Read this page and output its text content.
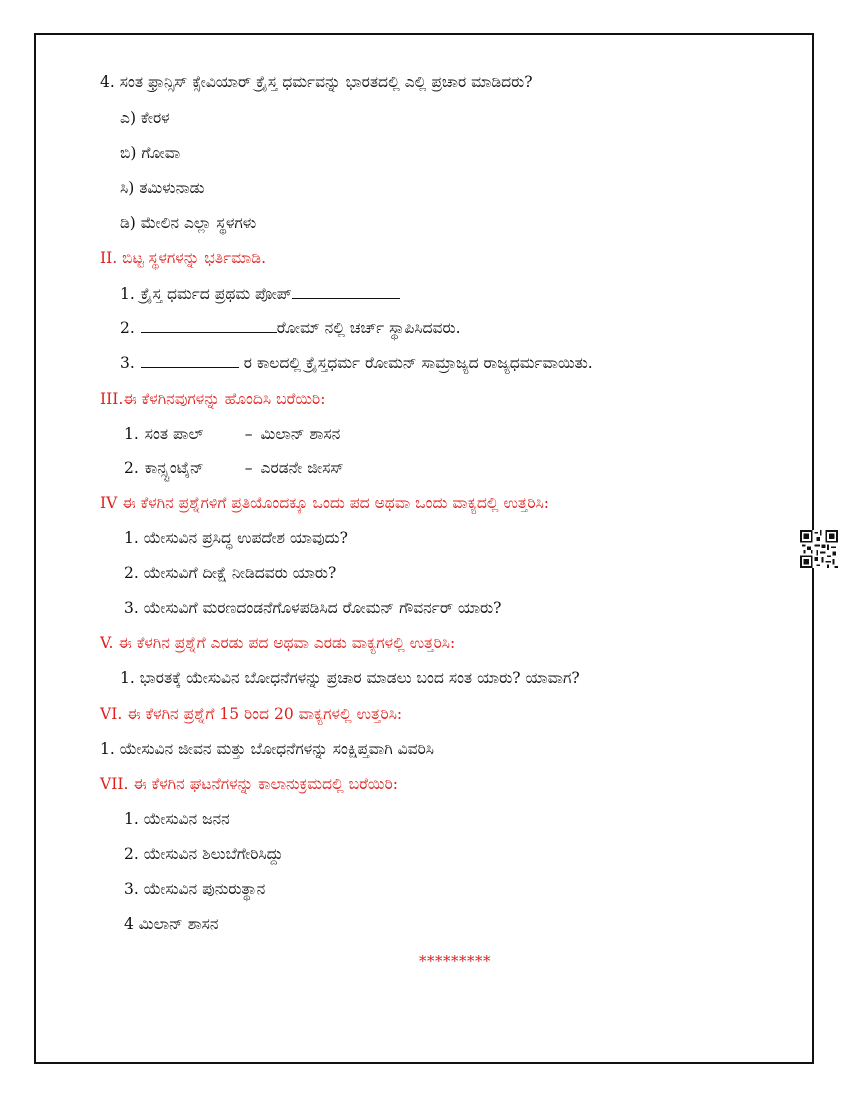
4. ಸಂತ ಫ್ರಾನ್ಸಿಸ್ ಕ್ಸೇವಿಯಾರ್ ಕ್ರೈಸ್ತ ಧರ್ಮವನ್ನು ಭಾರತದಲ್ಲಿ ಎಲ್ಲಿ ಪ್ರಚಾರ ಮಾಡಿದರು?
ಎ) ಕೇರಳ
ಬಿ) ಗೋವಾ
ಸಿ) ತಮಿಳುನಾಡು
ಡಿ) ಮೇಲಿನ ಎಲ್ಲಾ ಸ್ಥಳಗಳು
II. ಬಿಟ್ಟ ಸ್ಥಳಗಳನ್ನು ಭರ್ತಿಮಾಡಿ.
1. ಕ್ರೈಸ್ತ ಧರ್ಮದ ಪ್ರಥಮ ಪೋಪ್
2.	ರೋಮ್ ನಲ್ಲಿ ಚರ್ಚ್ ಸ್ಥಾಪಿಸಿದವರು.
3.	ರ ಕಾಲದಲ್ಲಿ ಕ್ರೈಸ್ತಧರ್ಮ ರೋಮನ್ ಸಾಮ್ರಾಜ್ಯದ ರಾಜ್ಯಧರ್ಮವಾಯಿತು.
III.ಈ ಕೆಳಗಿನವುಗಳನ್ನು ಹೊಂದಿಸಿ ಬರೆಯಿರಿ:
1. ಸಂತ ಪಾಲ್	– ಮಿಲಾನ್ ಶಾಸನ
2. ಕಾನ್ಸ್ಟಂಟೈನ್	– ಎರಡನೇ ಜೀಸಸ್
IV ಈ ಕೆಳಗಿನ ಪ್ರಶ್ನೆಗಳಿಗೆ ಪ್ರತಿಯೊಂದಕ್ಕೂ ಒಂದು ಪದ ಅಥವಾ ಒಂದು ವಾಕ್ಯದಲ್ಲಿ ಉತ್ತರಿಸಿ:
1. ಯೇಸುವಿನ ಪ್ರಸಿದ್ಧ ಉಪದೇಶ ಯಾವುದು?
2. ಯೇಸುವಿಗೆ ದೀಕ್ಷೆ ನೀಡಿದವರು ಯಾರು?
3. ಯೇಸುವಿಗೆ ಮರಣದಂಡನೆಗೊಳಪಡಿಸಿದ ರೋಮನ್ ಗೌವರ್ನರ್ ಯಾರು?
V. ಈ ಕೆಳಗಿನ ಪ್ರಶ್ನೆಗೆ ಎರಡು ಪದ ಅಥವಾ ಎರಡು ವಾಕ್ಯಗಳಲ್ಲಿ ಉತ್ತರಿಸಿ:
1. ಭಾರತಕ್ಕೆ ಯೇಸುವಿನ ಬೋಧನೆಗಳನ್ನು ಪ್ರಚಾರ ಮಾಡಲು ಬಂದ ಸಂತ ಯಾರು? ಯಾವಾಗ?
VI. ಈ ಕೆಳಗಿನ ಪ್ರಶ್ನೆಗೆ 15 ರಿಂದ 20 ವಾಕ್ಯಗಳಲ್ಲಿ ಉತ್ತರಿಸಿ:
1. ಯೇಸುವಿನ ಜೀವನ ಮತ್ತು ಬೋಧನೆಗಳನ್ನು ಸಂಕ್ಷಿಪ್ತವಾಗಿ ವಿವರಿಸಿ
VII. ಈ ಕೆಳಗಿನ ಘಟನೆಗಳನ್ನು ಕಾಲಾನುಕ್ರಮದಲ್ಲಿ ಬರೆಯಿರಿ:
1. ಯೇಸುವಿನ ಜನನ
2. ಯೇಸುವಿನ ಶಿಲುಬೆಗೇರಿಸಿದ್ದು
3. ಯೇಸುವಿನ ಪುನುರುತ್ಥಾನ
4 ಮಿಲಾನ್ ಶಾಸನ
*********
